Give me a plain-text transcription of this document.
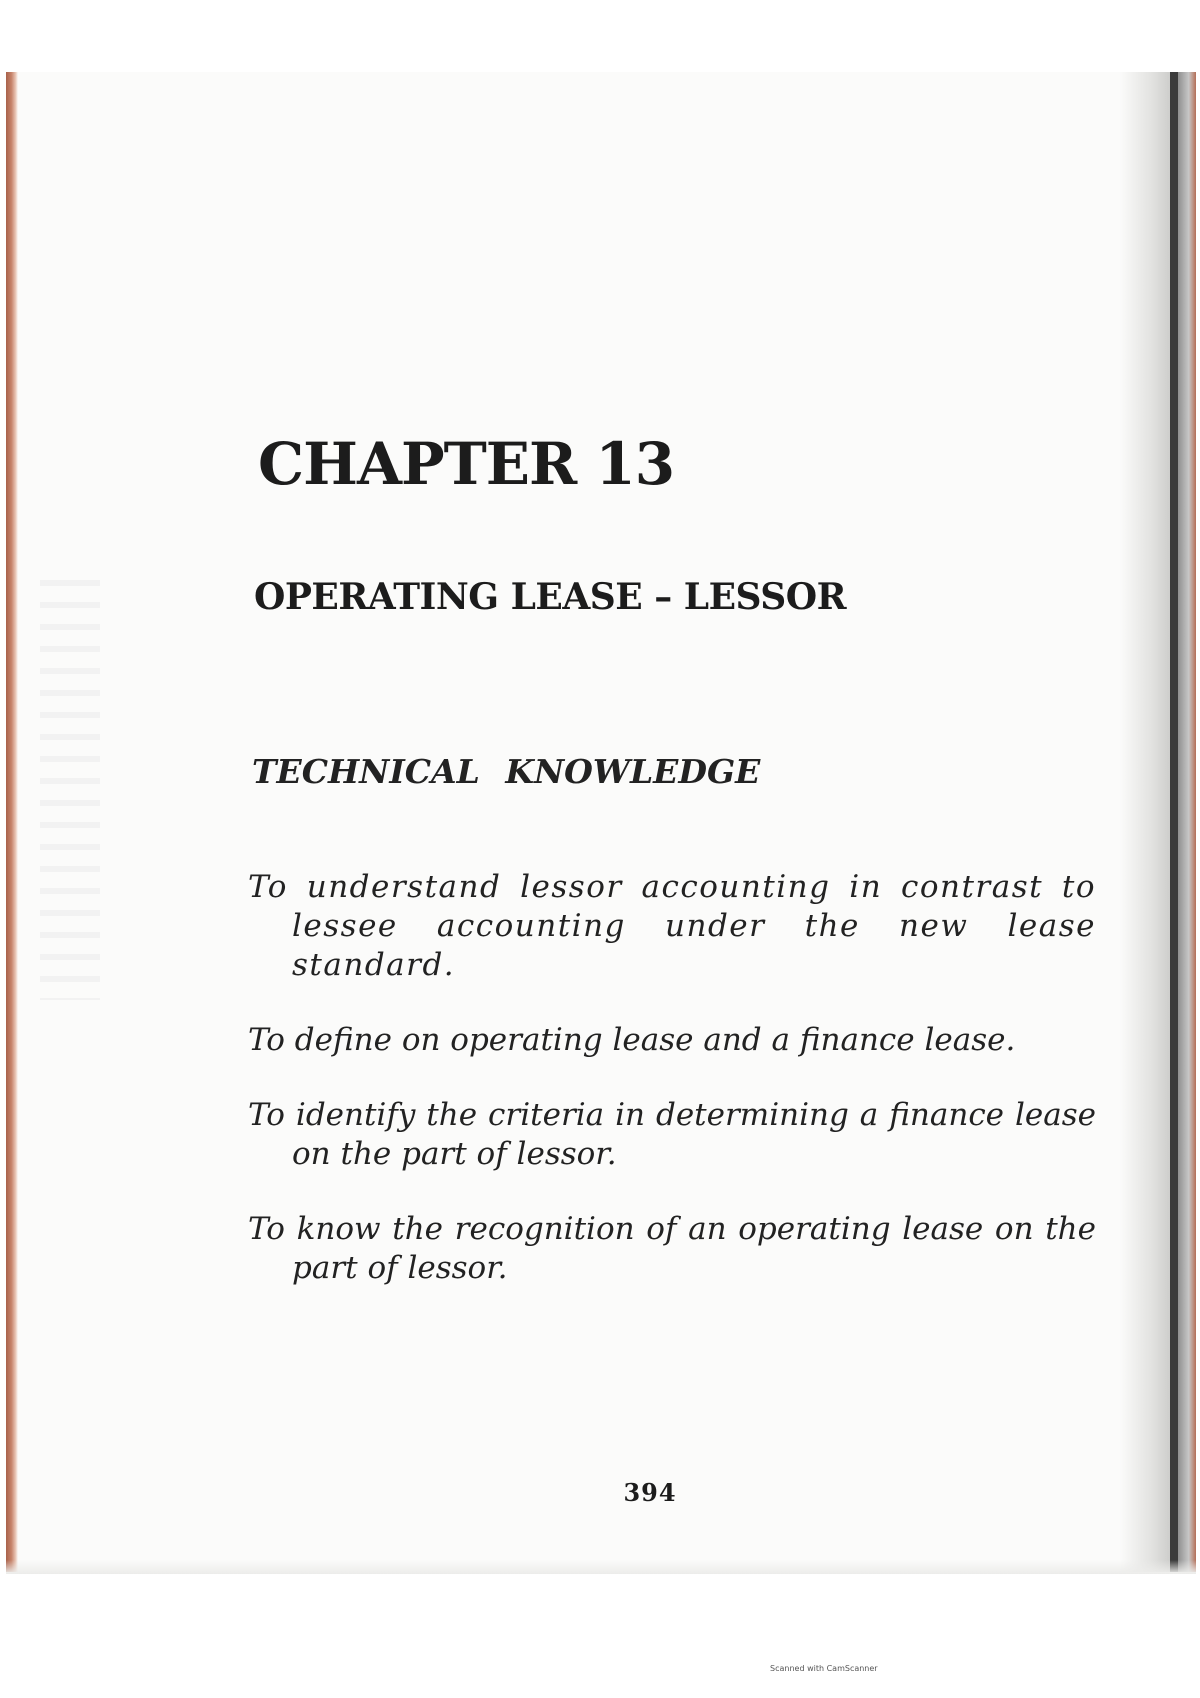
CHAPTER 13
OPERATING LEASE – LESSOR
TECHNICAL KNOWLEDGE
To understand lessor accounting in contrast to lessee accounting under the new lease standard.
To define on operating lease and a finance lease.
To identify the criteria in determining a finance lease on the part of lessor.
To know the recognition of an operating lease on the part of lessor.

394

Scanned with CamScanner
